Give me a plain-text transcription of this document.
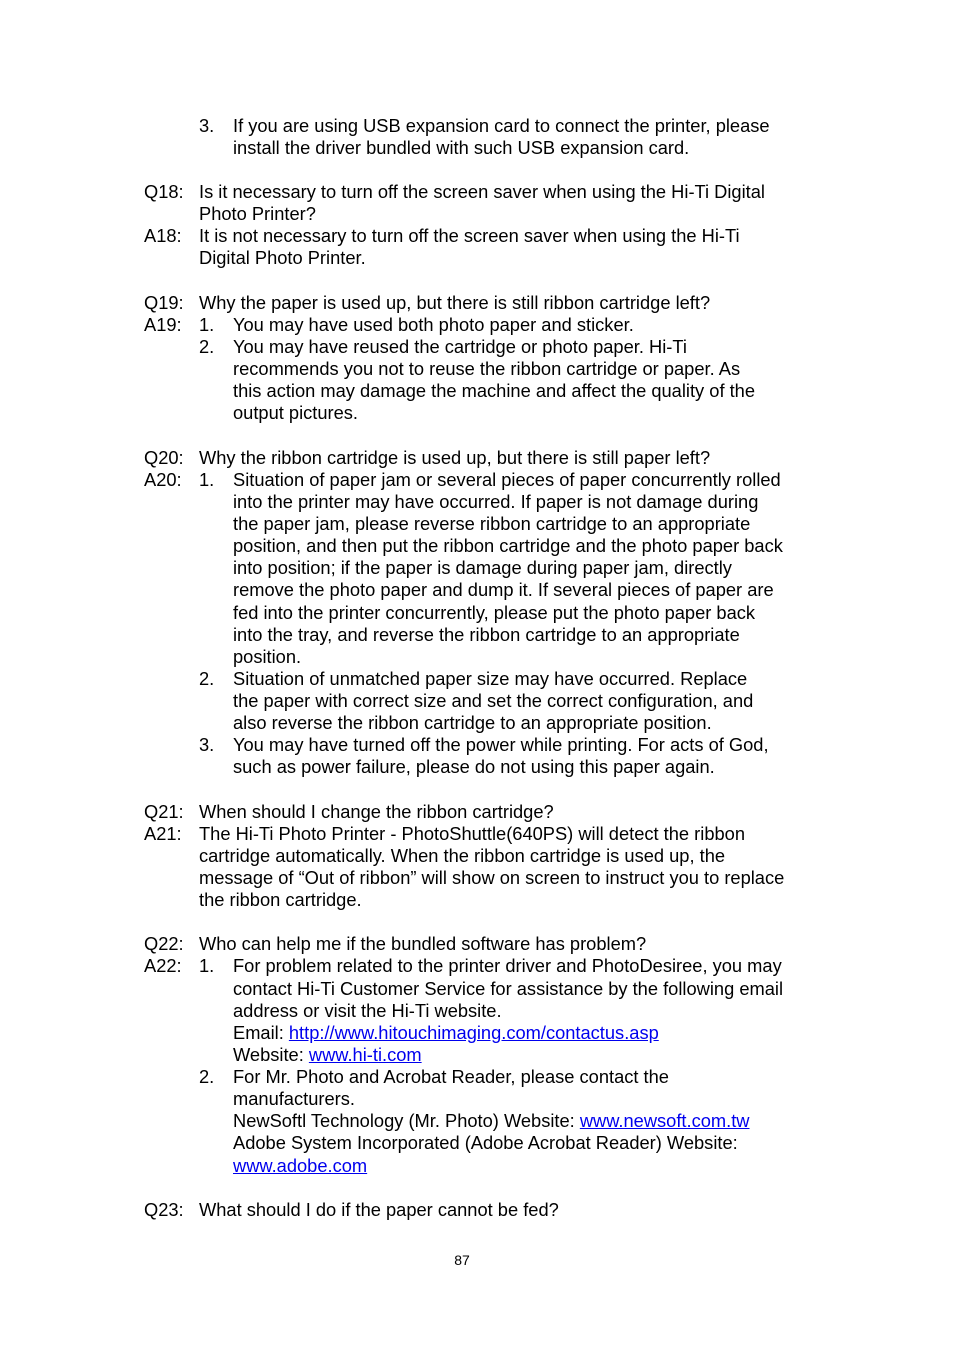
3. If you are using USB expansion card to connect the printer, please
install the driver bundled with such USB expansion card.
Q18: Is it necessary to turn off the screen saver when using the Hi-Ti Digital
Photo Printer?
A18: It is not necessary to turn off the screen saver when using the Hi-Ti
Digital Photo Printer.
Q19: Why the paper is used up, but there is still ribbon cartridge left?
A19: 1. You may have used both photo paper and sticker.
2. You may have reused the cartridge or photo paper. Hi-Ti
recommends you not to reuse the ribbon cartridge or paper. As
this action may damage the machine and affect the quality of the
output pictures.
Q20: Why the ribbon cartridge is used up, but there is still paper left?
A20: 1. Situation of paper jam or several pieces of paper concurrently rolled
into the printer may have occurred. If paper is not damage during
the paper jam, please reverse ribbon cartridge to an appropriate
position, and then put the ribbon cartridge and the photo paper back
into position; if the paper is damage during paper jam, directly
remove the photo paper and dump it. If several pieces of paper are
fed into the printer concurrently, please put the photo paper back
into the tray, and reverse the ribbon cartridge to an appropriate
position.
2. Situation of unmatched paper size may have occurred. Replace
the paper with correct size and set the correct configuration, and
also reverse the ribbon cartridge to an appropriate position.
3. You may have turned off the power while printing. For acts of God,
such as power failure, please do not using this paper again.
Q21: When should I change the ribbon cartridge?
A21: The Hi-Ti Photo Printer - PhotoShuttle(640PS) will detect the ribbon
cartridge automatically. When the ribbon cartridge is used up, the
message of “Out of ribbon” will show on screen to instruct you to replace
the ribbon cartridge.
Q22: Who can help me if the bundled software has problem?
A22: 1. For problem related to the printer driver and PhotoDesiree, you may
contact Hi-Ti Customer Service for assistance by the following email
address or visit the Hi-Ti website.
Email: http://www.hitouchimaging.com/contactus.asp
Website: www.hi-ti.com
2. For Mr. Photo and Acrobat Reader, please contact the
manufacturers.
NewSoftl Technology (Mr. Photo) Website: www.newsoft.com.tw
Adobe System Incorporated (Adobe Acrobat Reader) Website:
www.adobe.com
Q23: What should I do if the paper cannot be fed?
87
